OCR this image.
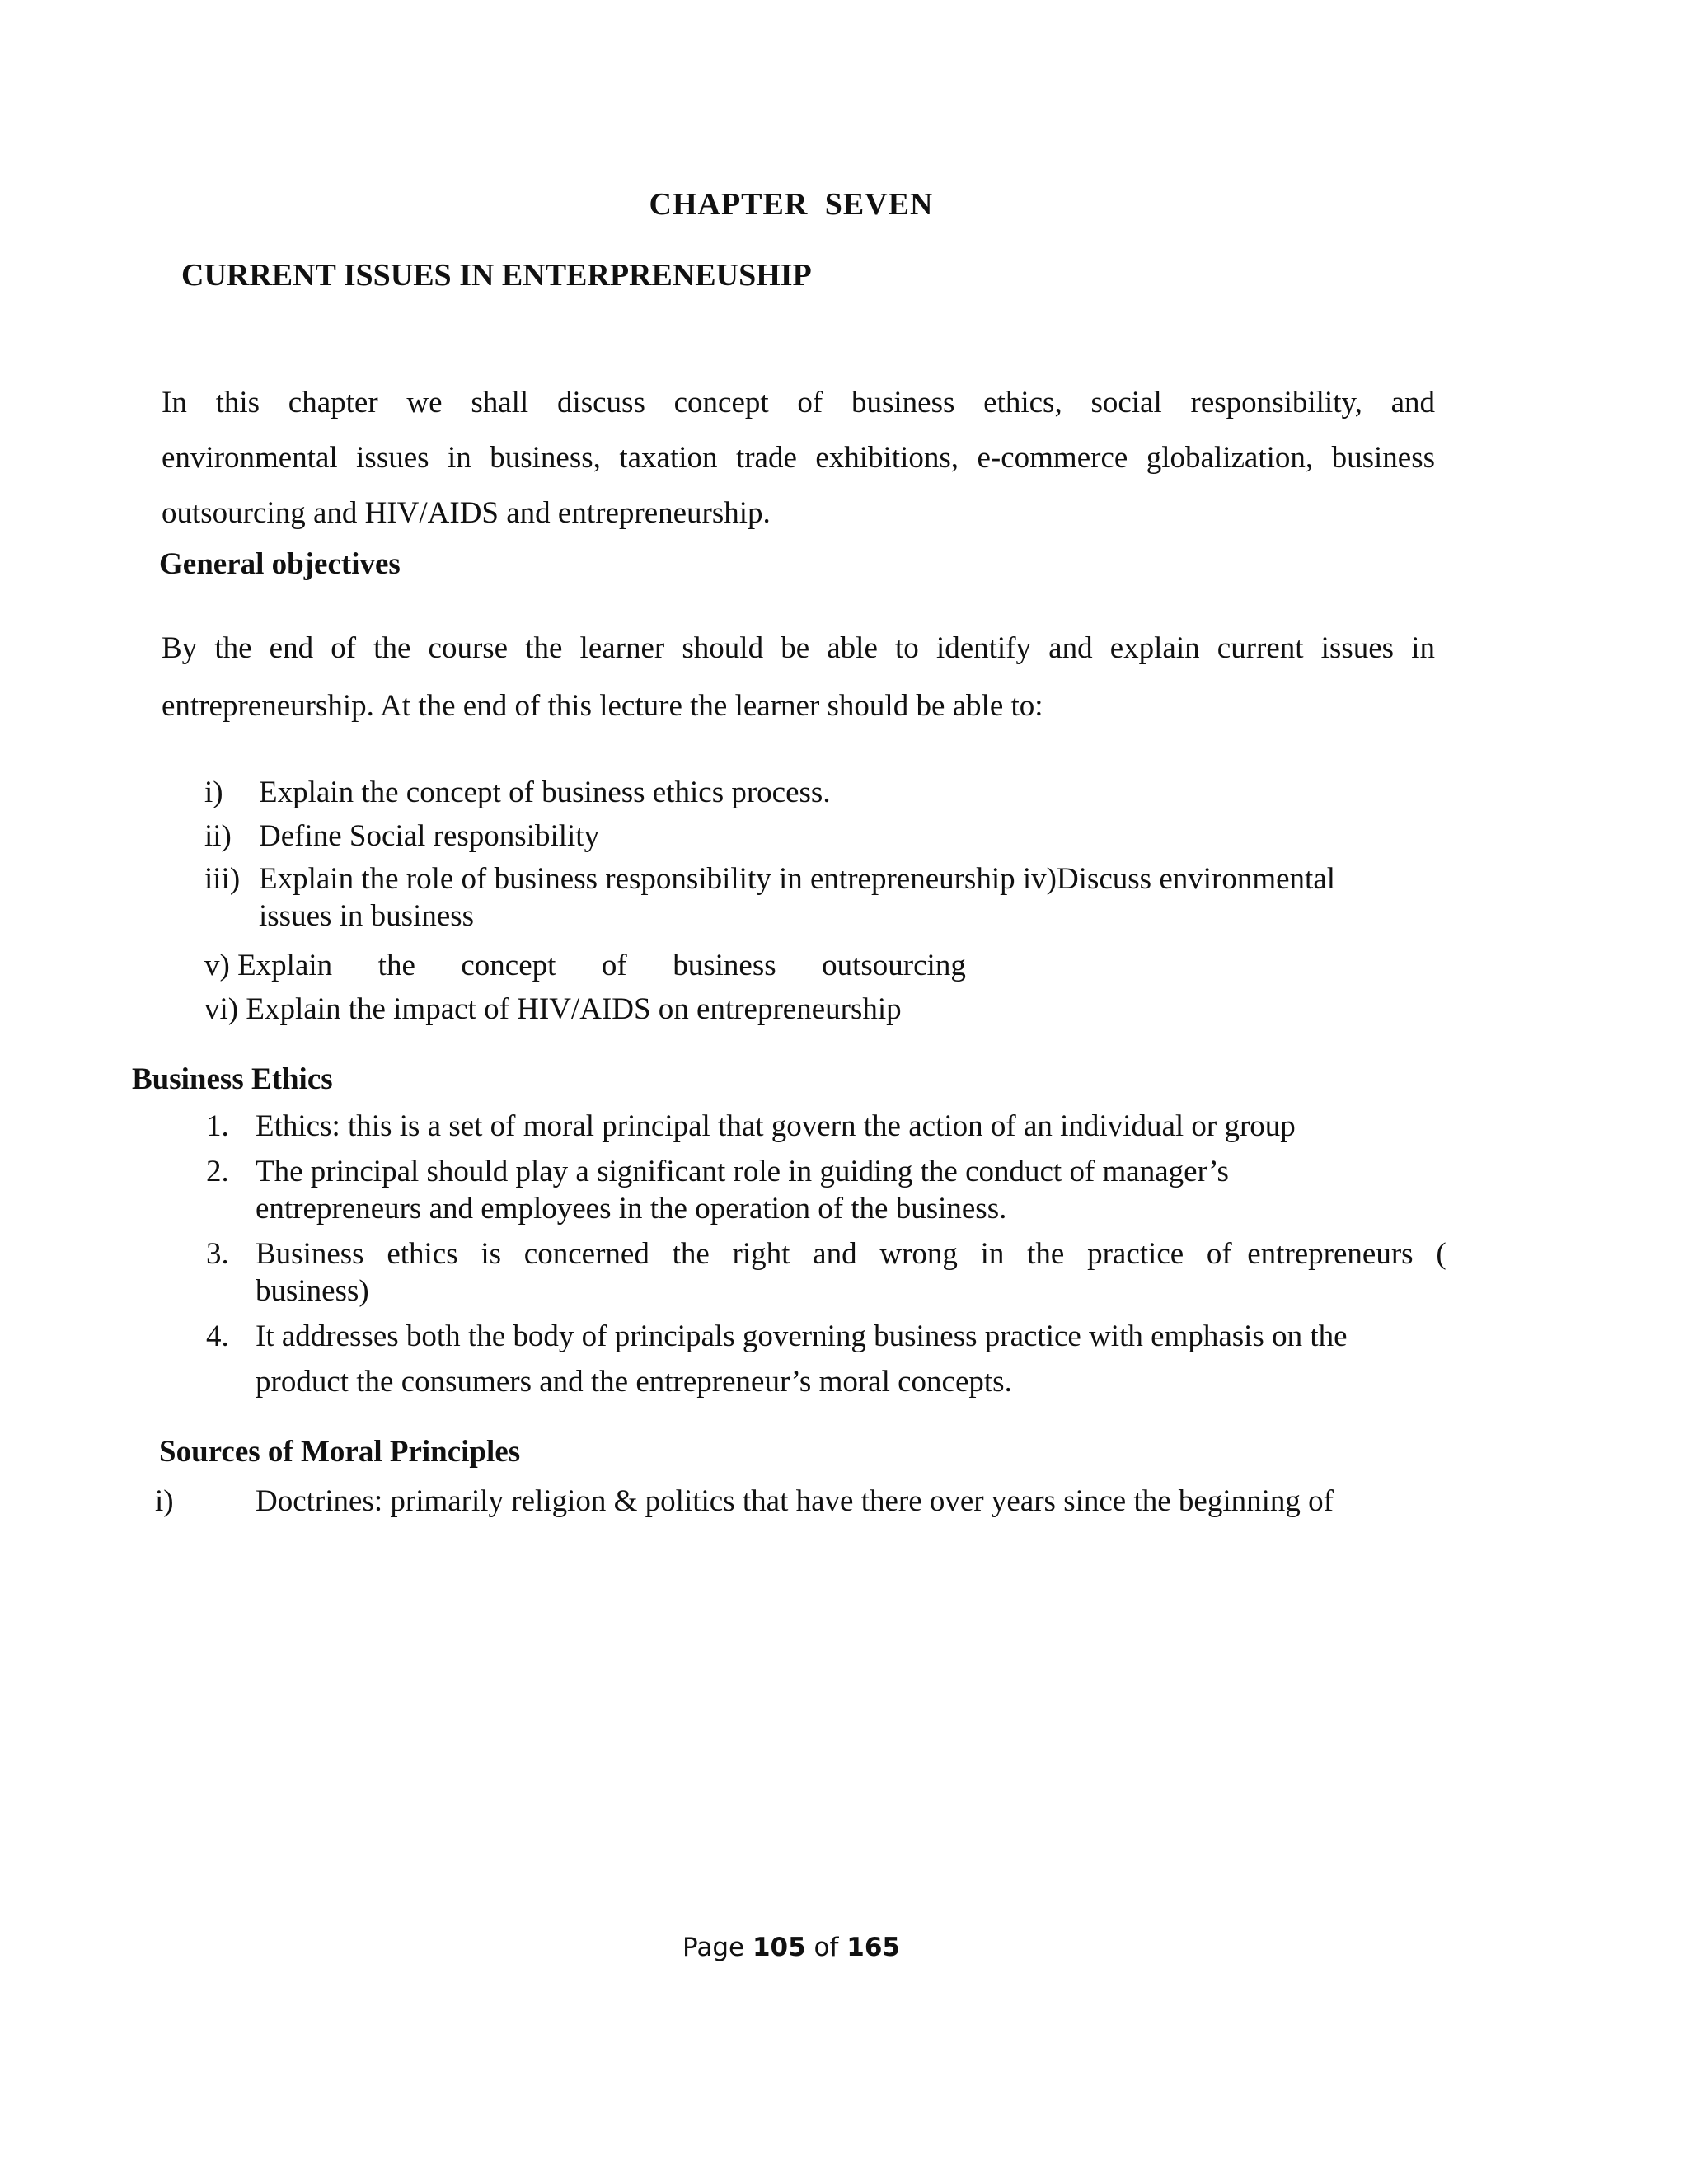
CHAPTER SEVEN
CURRENT ISSUES IN ENTERPRENEUSHIP
In this chapter we shall discuss concept of business ethics, social responsibility, and
environmental issues in business, taxation trade exhibitions, e-commerce globalization, business
outsourcing and HIV/AIDS and entrepreneurship.
General objectives
By the end of the course the learner should be able to identify and explain current issues in
entrepreneurship. At the end of this lecture the learner should be able to:
i) Explain the concept of business ethics process.
ii) Define Social responsibility
iii) Explain the role of business responsibility in entrepreneurship iv)Discuss environmental
issues in business
v) Explain      the      concept      of      business      outsourcing
vi) Explain the impact of HIV/AIDS on entrepreneurship
Business Ethics
1. Ethics: this is a set of moral principal that govern the action of an individual or group
2. The principal should play a significant role in guiding the conduct of manager’s
entrepreneurs and employees in the operation of the business.
3. Business   ethics   is   concerned   the   right   and   wrong   in   the   practice   of  entrepreneurs   (
business)
4. It addresses both the body of principals governing business practice with emphasis on the
product the consumers and the entrepreneur’s moral concepts.
Sources of Moral Principles
i)	Doctrines: primarily religion & politics that have there over years since the beginning of
Page 105 of 165
